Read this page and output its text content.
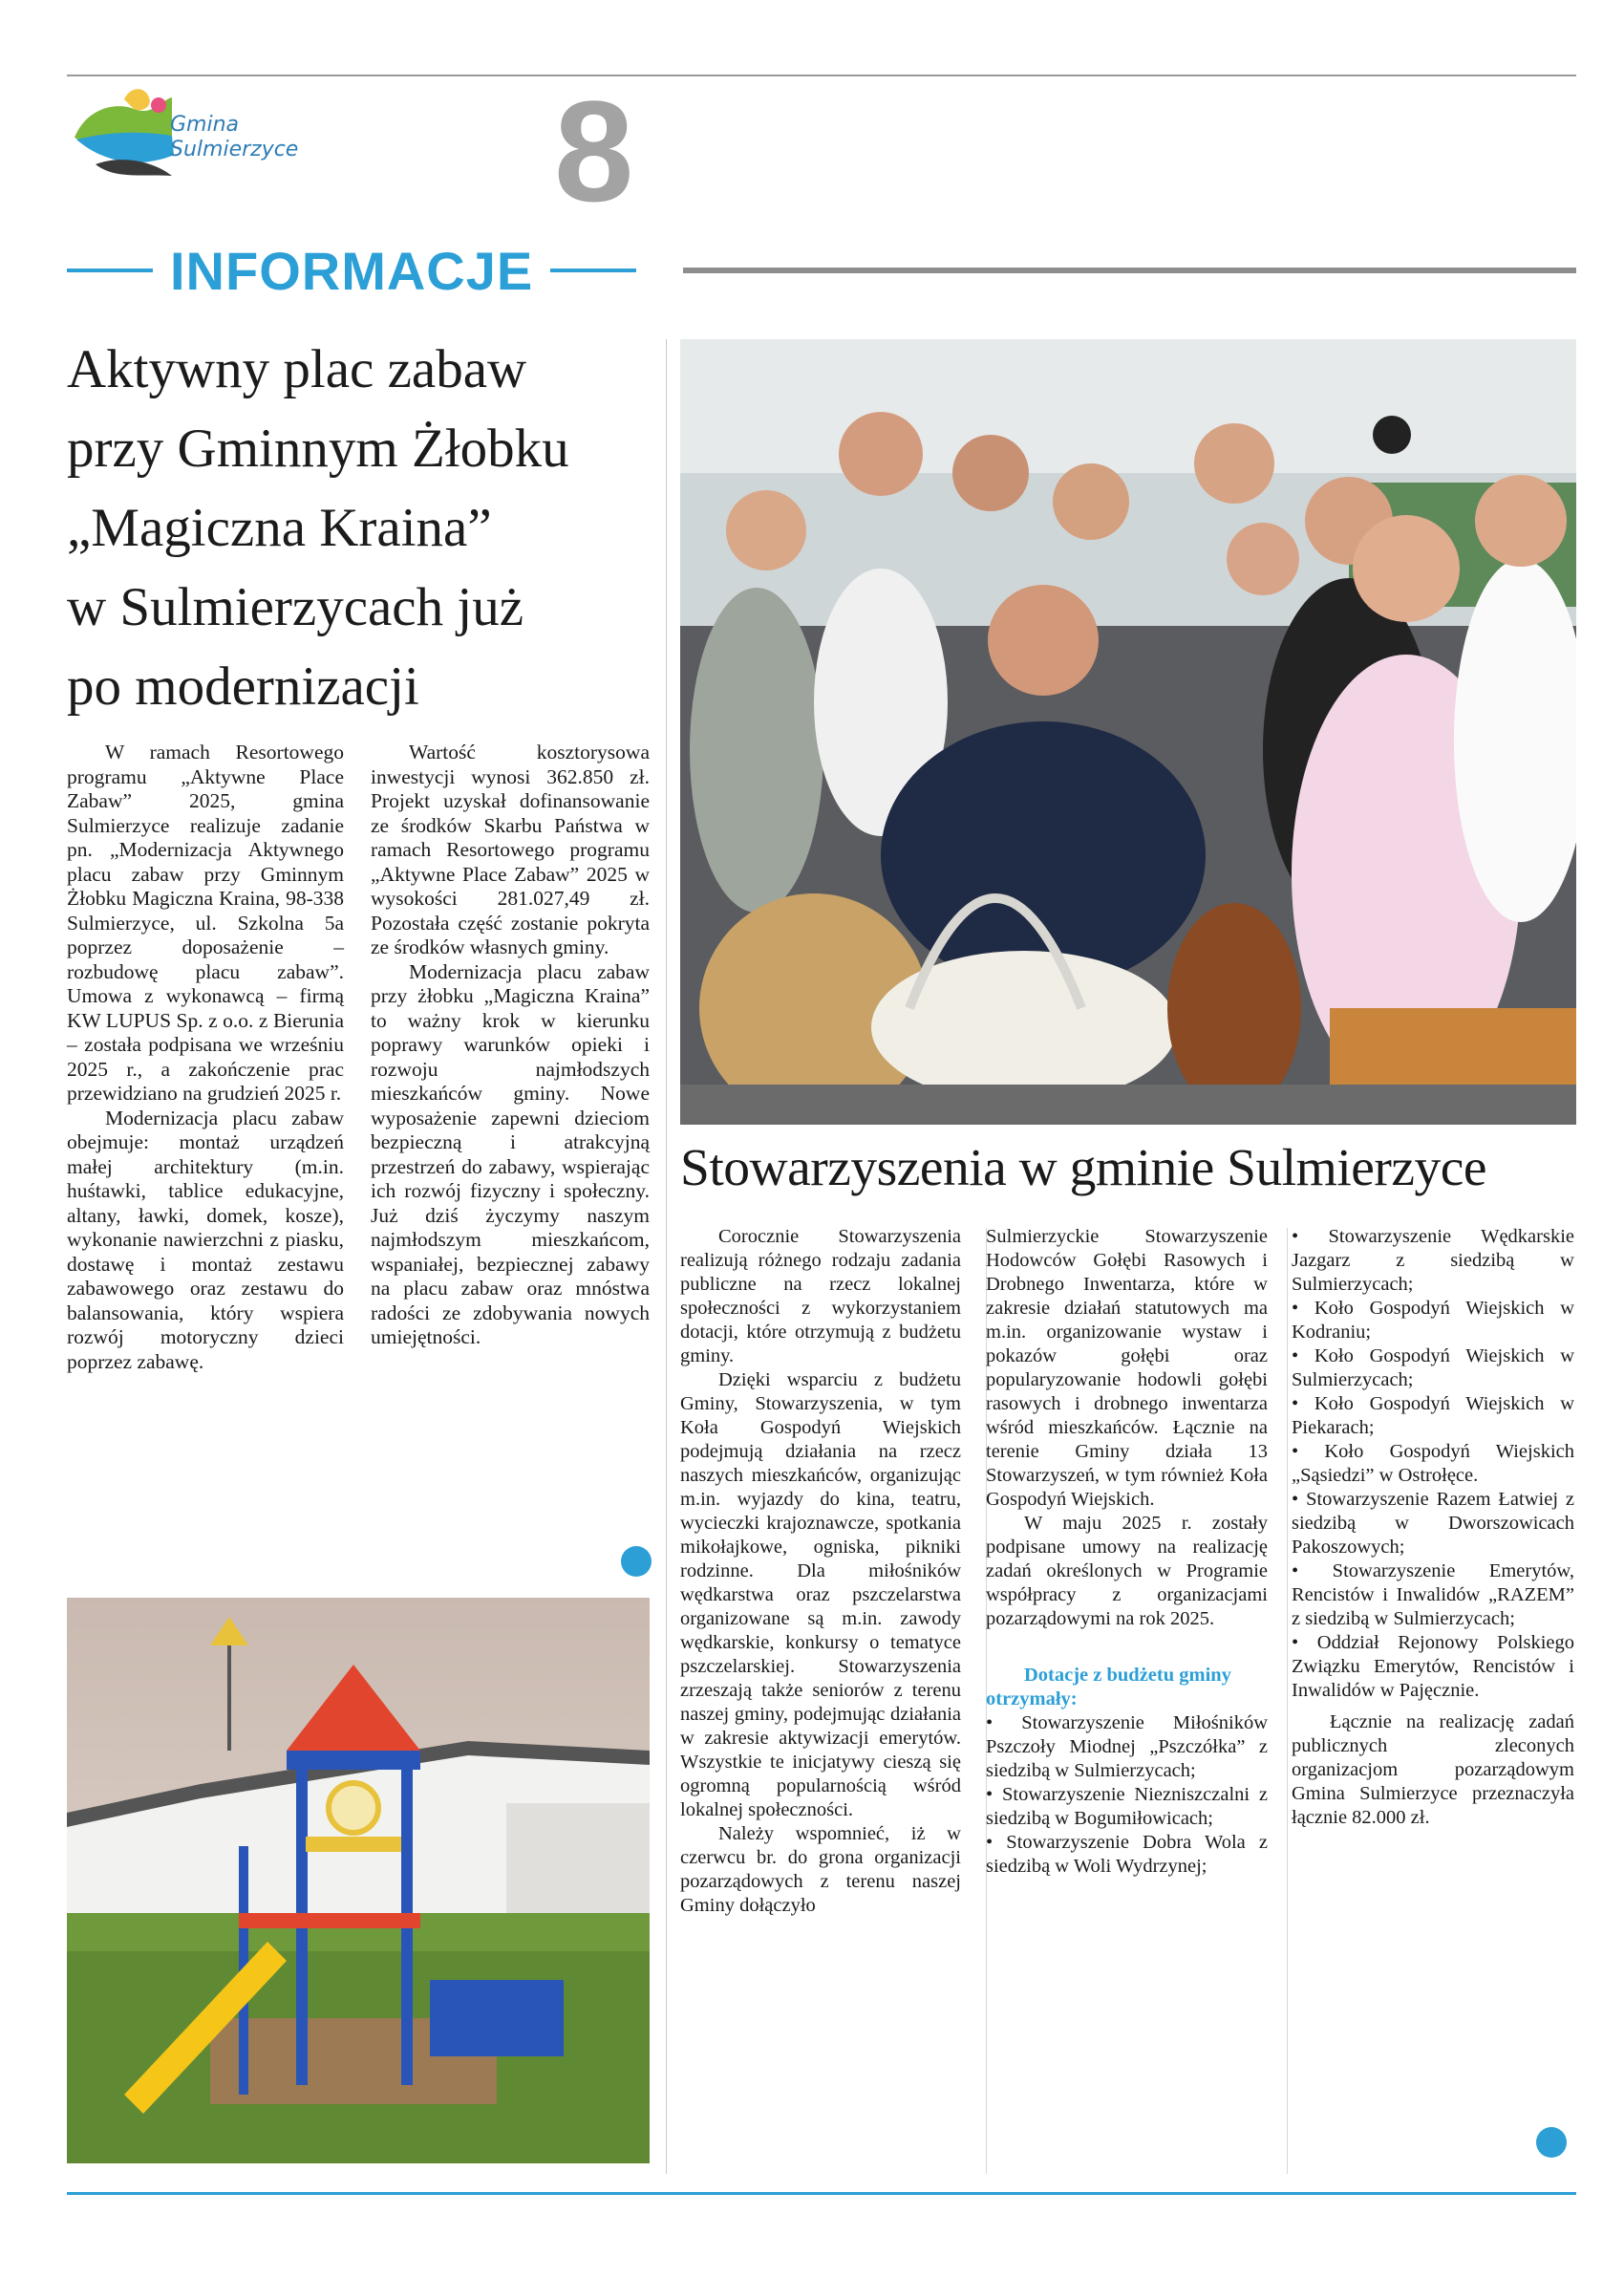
Gmina
Sulmierzyce 8
INFORMACJE
Aktywny plac zabaw
przy Gminnym Żłobku
„Magiczna Kraina”
w Sulmierzycach już
po modernizacji

W ramach Resortowego programu „Aktywne Place Zabaw” 2025, gmina Sulmierzyce realizuje zadanie pn. „Modernizacja Aktywnego placu zabaw przy Gminnym Żłobku Magiczna Kraina, 98-338 Sulmierzyce, ul. Szkolna 5a poprzez doposażenie – rozbudowę placu zabaw”. Umowa z wykonawcą – firmą KW LUPUS Sp. z o.o. z Bierunia – została podpisana we wrześniu 2025 r., a zakończenie prac przewidziano na grudzień 2025 r.

Modernizacja placu zabaw obejmuje: montaż urządzeń małej architektury (m.in. huśtawki, tablice edukacyjne, altany, ławki, domek, kosze), wykonanie nawierzchni z piasku, dostawę i montaż zestawu zabawowego oraz zestawu do balansowania, który wspiera rozwój motoryczny dzieci poprzez zabawę.

Wartość kosztorysowa inwestycji wynosi 362.850 zł. Projekt uzyskał dofinansowanie ze środków Skarbu Państwa w ramach Resortowego programu „Aktywne Place Zabaw” 2025 w wysokości 281.027,49 zł. Pozostała część zostanie pokryta ze środków własnych gminy.

Modernizacja placu zabaw przy żłobku „Magiczna Kraina” to ważny krok w kierunku poprawy warunków opieki i rozwoju najmłodszych mieszkańców gminy. Nowe wyposażenie zapewni dzieciom bezpieczną i atrakcyjną przestrzeń do zabawy, wspierając ich rozwój fizyczny i społeczny. Już dziś życzymy naszym najmłodszym mieszkańcom, wspaniałej, bezpiecznej zabawy na placu zabaw oraz mnóstwa radości ze zdobywania nowych umiejętności.

Stowarzyszenia w gminie Sulmierzyce

Corocznie Stowarzyszenia realizują różnego rodzaju zadania publiczne na rzecz lokalnej społeczności z wykorzystaniem dotacji, które otrzymują z budżetu gminy.

Dzięki wsparciu z budżetu Gminy, Stowarzyszenia, w tym Koła Gospodyń Wiejskich podejmują działania na rzecz naszych mieszkańców, organizując m.in. wyjazdy do kina, teatru, wycieczki krajoznawcze, spotkania mikołajkowe, ogniska, pikniki rodzinne. Dla miłośników wędkarstwa oraz pszczelarstwa organizowane są m.in. zawody wędkarskie, konkursy o tematyce pszczelarskiej. Stowarzyszenia zrzeszają także seniorów z terenu naszej gminy, podejmując działania w zakresie aktywizacji emerytów. Wszystkie te inicjatywy cieszą się ogromną popularnością wśród lokalnej społeczności.

Należy wspomnieć, iż w czerwcu br. do grona organizacji pozarządowych z terenu naszej Gminy dołączyło

Sulmierzyckie Stowarzyszenie Hodowców Gołębi Rasowych i Drobnego Inwentarza, które w zakresie działań statutowych ma m.in. organizowanie wystaw i pokazów gołębi oraz popularyzowanie hodowli gołębi rasowych i drobnego inwentarza wśród mieszkańców. Łącznie na terenie Gminy działa 13 Stowarzyszeń, w tym również Koła Gospodyń Wiejskich.

W maju 2025 r. zostały podpisane umowy na realizację zadań określonych w Programie współpracy z organizacjami pozarządowymi na rok 2025.

Dotacje z budżetu gminy otrzymały:

• Stowarzyszenie Miłośników Pszczoły Miodnej „Pszczółka” z siedzibą w Sulmierzycach;

• Stowarzyszenie Niezniszczalni z siedzibą w Bogumiłowicach;

• Stowarzyszenie Dobra Wola z siedzibą w Woli Wydrzynej;

• Stowarzyszenie Wędkarskie Jazgarz z siedzibą w Sulmierzycach;

• Koło Gospodyń Wiejskich w Kodraniu;

• Koło Gospodyń Wiejskich w Sulmierzycach;

• Koło Gospodyń Wiejskich w Piekarach;

• Koło Gospodyń Wiejskich „Sąsiedzi” w Ostrołęce.

• Stowarzyszenie Razem Łatwiej z siedzibą w Dworszowicach Pakoszowych;

• Stowarzyszenie Emerytów, Rencistów i Inwalidów „RAZEM” z siedzibą w Sulmierzycach;

• Oddział Rejonowy Polskiego Związku Emerytów, Rencistów i Inwalidów w Pajęcznie.

Łącznie na realizację zadań publicznych zleconych organizacjom pozarządowym Gmina Sulmierzyce przeznaczyła łącznie 82.000 zł.
